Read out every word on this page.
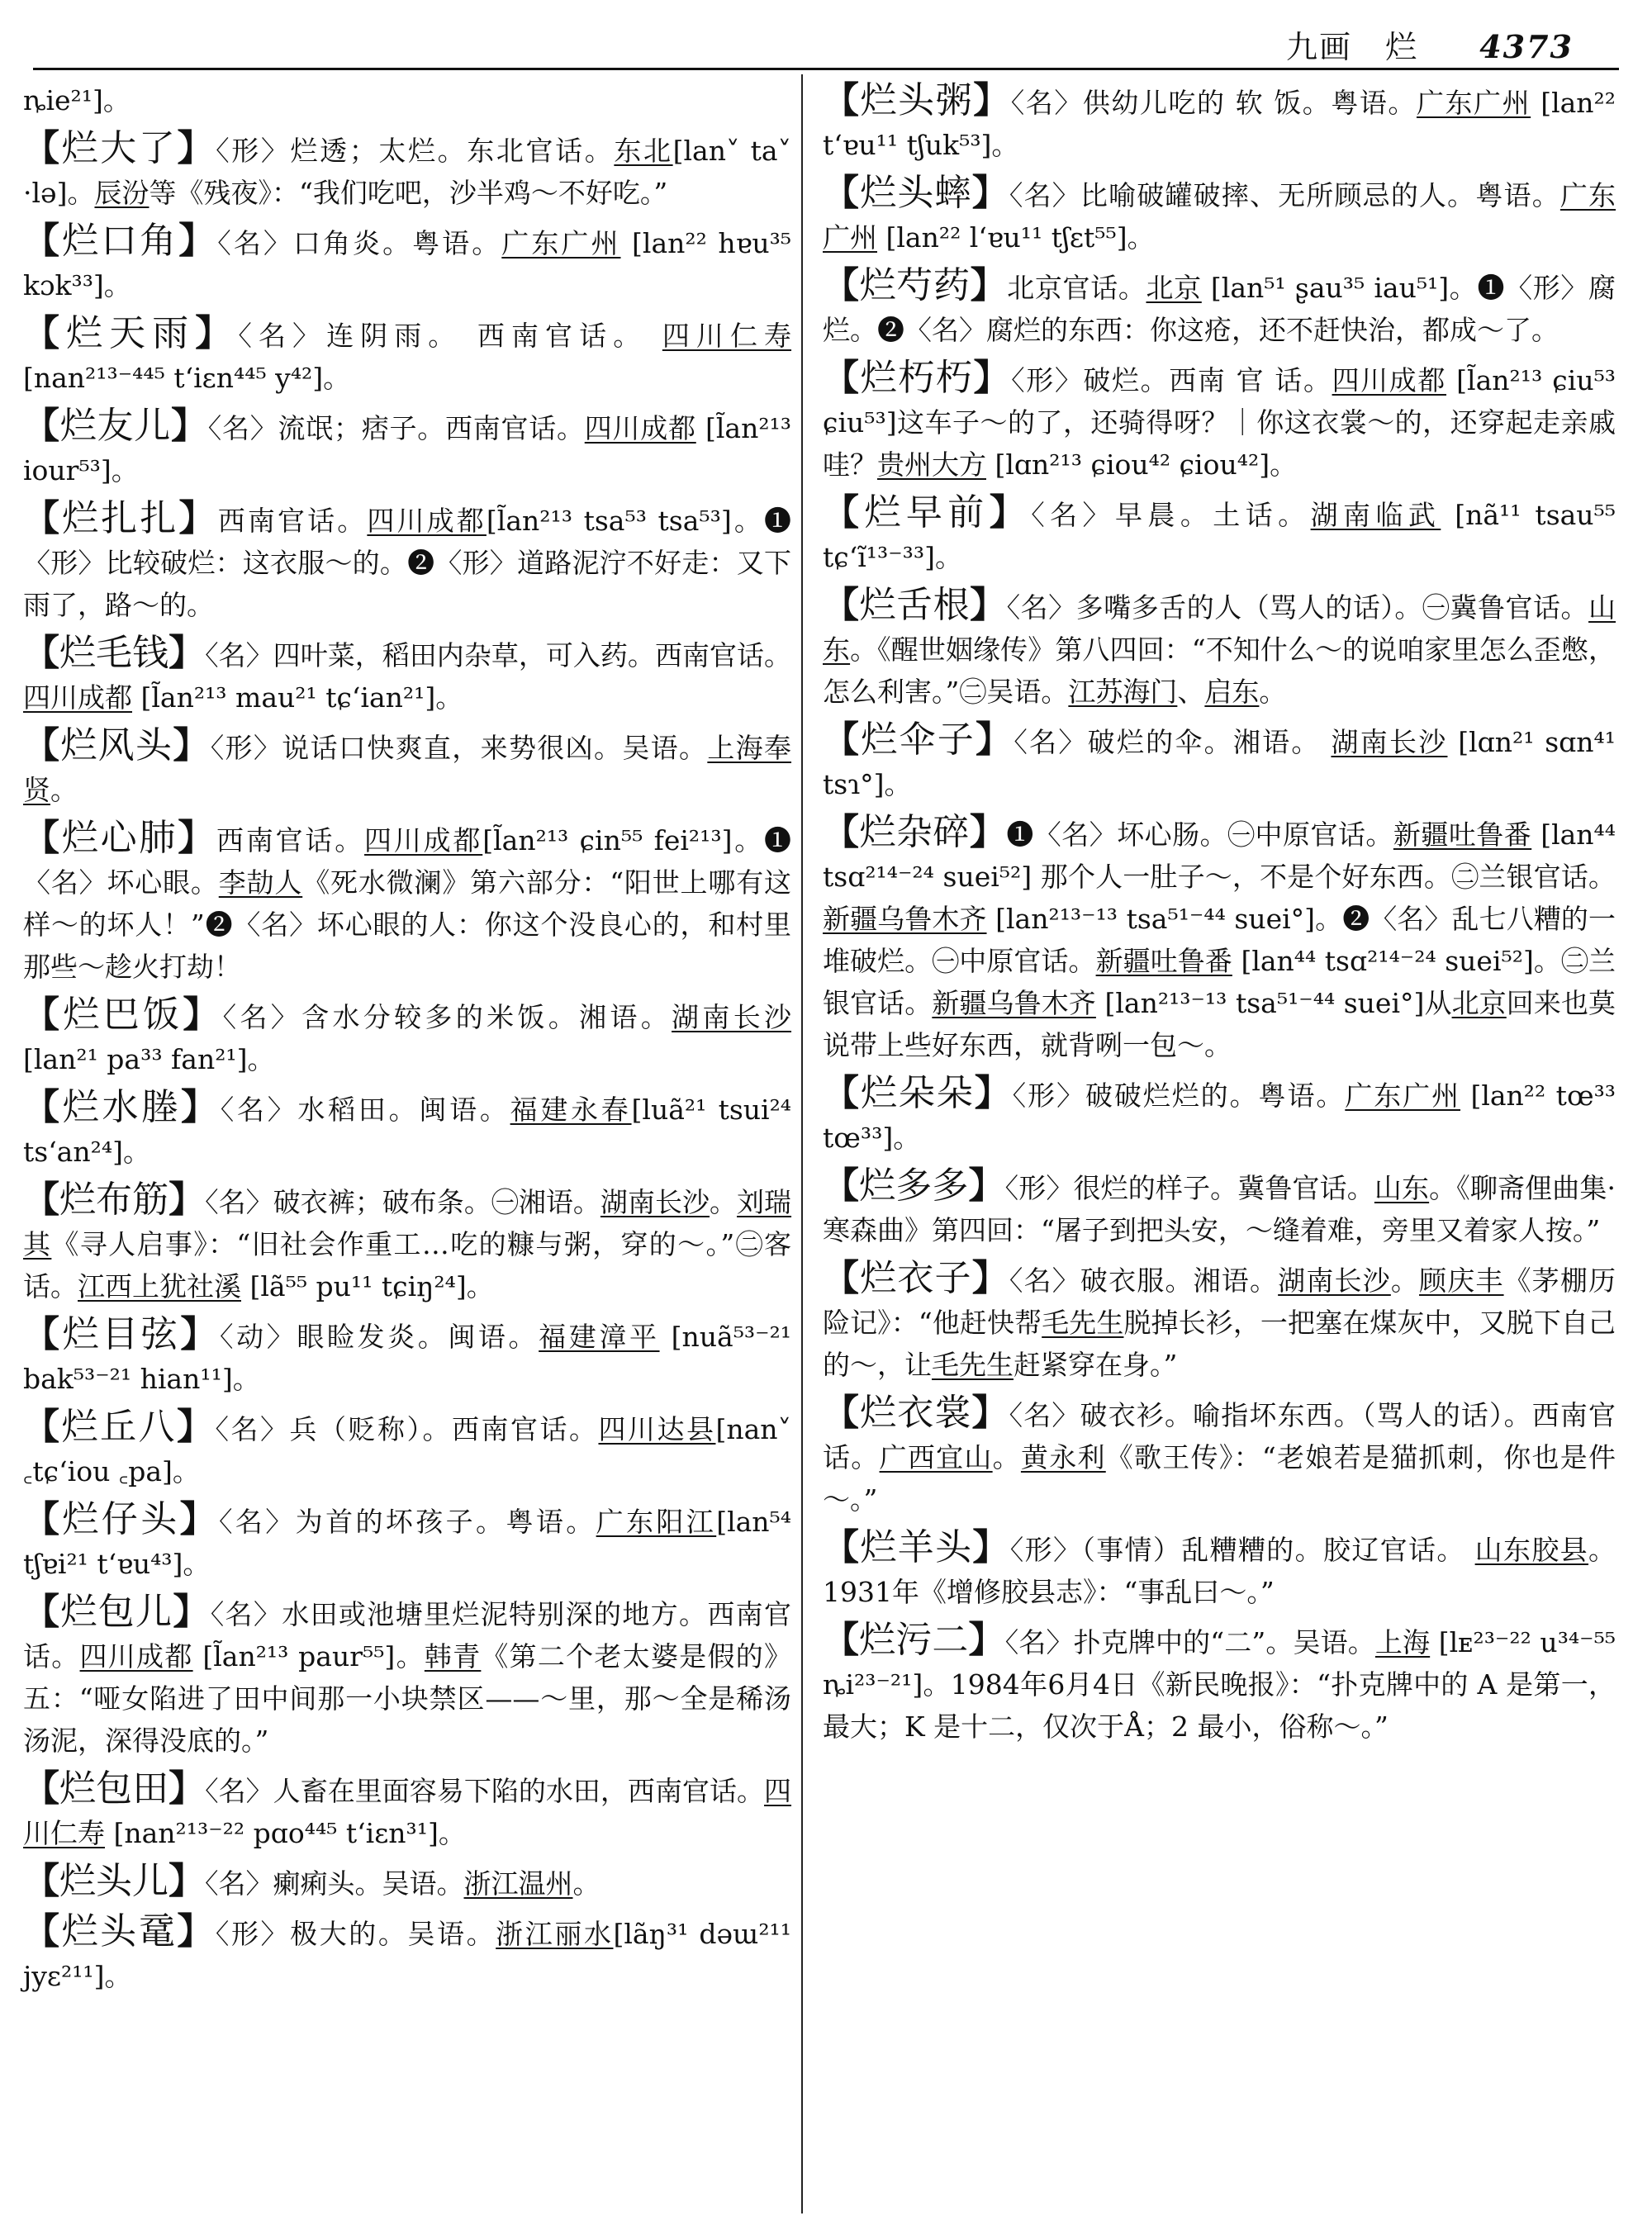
九画 烂 4373
ȵie²¹]。
【烂大了】〈形〉烂透；太烂。东北官话。东北[lan˅ ta˅ ·lə]。辰汾等《残夜》：“我们吃吧，沙半鸡～不好吃。”
【烂口角】〈名〉口角炎。粤语。广东广州 [lan²² hɐu³⁵ kɔk³³]。
【烂天雨】〈名〉连阴雨。 西南官话。 四川仁寿 [nan²¹³⁻⁴⁴⁵ tʻiɛn⁴⁴⁵ y⁴²]。
【烂友儿】〈名〉流氓；痞子。西南官话。四川成都 [l̃an²¹³ iour⁵³]。
【烂扎扎】西南官话。四川成都[l̃an²¹³ tsa⁵³ tsa⁵³]。❶〈形〉比较破烂：这衣服～的。❷〈形〉道路泥泞不好走：又下雨了，路～的。
【烂毛钱】〈名〉四叶菜，稻田内杂草，可入药。西南官话。四川成都 [l̃an²¹³ mau²¹ tɕʻian²¹]。
【烂风头】〈形〉说话口快爽直，来势很凶。吴语。上海奉贤。
【烂心肺】西南官话。四川成都[l̃an²¹³ ɕin⁵⁵ fei²¹³]。❶〈名〉坏心眼。李劼人《死水微澜》第六部分：“阳世上哪有这样～的坏人！”❷〈名〉坏心眼的人：你这个没良心的，和村里那些～趁火打劫！
【烂巴饭】〈名〉含水分较多的米饭。湘语。湖南长沙 [lan²¹ pa³³ fan²¹]。
【烂水塍】〈名〉水稻田。闽语。福建永春[luã²¹ tsui²⁴ tsʻan²⁴]。
【烂布筋】〈名〉破衣裤；破布条。㊀湘语。湖南长沙。刘瑞其《寻人启事》：“旧社会作重工…吃的糠与粥，穿的～。”㊁客话。江西上犹社溪 [lã⁵⁵ pu¹¹ tɕiŋ²⁴]。
【烂目弦】〈动〉眼睑发炎。闽语。福建漳平 [nuã⁵³⁻²¹ bak⁵³⁻²¹ hian¹¹]。
【烂丘八】〈名〉兵（贬称）。西南官话。四川达县[nan˅ ꜀tɕʻiou ꜀pa]。
【烂仔头】〈名〉为首的坏孩子。粤语。广东阳江[lan⁵⁴ tʃɐi²¹ tʻɐu⁴³]。
【烂包儿】〈名〉水田或池塘里烂泥特别深的地方。西南官话。四川成都 [l̃an²¹³ paur⁵⁵]。韩青《第二个老太婆是假的》五：“哑女陷进了田中间那一小块禁区——～里，那～全是稀汤汤泥，深得没底的。”
【烂包田】〈名〉人畜在里面容易下陷的水田，西南官话。四川仁寿 [nan²¹³⁻²² pɑo⁴⁴⁵ tʻiɛn³¹]。
【烂头儿】〈名〉瘌痢头。吴语。浙江温州。
【烂头鼋】〈形〉极大的。吴语。浙江丽水[lãŋ³¹ dəɯ²¹¹ jyɛ²¹¹]。
【烂头粥】〈名〉供幼儿吃的 软 饭。粤语。广东广州 [lan²² tʻɐu¹¹ tʃuk⁵³]。
【烂头蟀】〈名〉比喻破罐破摔、无所顾忌的人。粤语。广东广州 [lan²² lʻɐu¹¹ tʃɛt⁵⁵]。
【烂芍药】北京官话。北京 [lan⁵¹ ʂau³⁵ iau⁵¹]。❶〈形〉腐烂。❷〈名〉腐烂的东西：你这疮，还不赶快治，都成～了。
【烂朽朽】〈形〉破烂。西南 官 话。四川成都 [l̃an²¹³ ɕiu⁵³ ɕiu⁵³]这车子～的了，还骑得呀？｜你这衣裳～的，还穿起走亲戚哇？贵州大方 [lɑn²¹³ ɕiou⁴² ɕiou⁴²]。
【烂早前】〈名〉早晨。土话。湖南临武 [nã¹¹ tsau⁵⁵ tɕʻĩ¹³⁻³³]。
【烂舌根】〈名〉多嘴多舌的人（骂人的话）。㊀冀鲁官话。山东。《醒世姻缘传》第八四回：“不知什么～的说咱家里怎么歪憋，怎么利害。”㊁吴语。江苏海门、启东。
【烂伞子】〈名〉破烂的伞。湘语。 湖南长沙 [lɑn²¹ sɑn⁴¹ tsɿ°]。
【烂杂碎】❶〈名〉坏心肠。㊀中原官话。新疆吐鲁番 [lan⁴⁴ tsɑ²¹⁴⁻²⁴ suei⁵²] 那个人一肚子～，不是个好东西。㊁兰银官话。新疆乌鲁木齐 [lan²¹³⁻¹³ tsa⁵¹⁻⁴⁴ suei°]。❷〈名〉乱七八糟的一堆破烂。㊀中原官话。新疆吐鲁番 [lan⁴⁴ tsɑ²¹⁴⁻²⁴ suei⁵²]。㊁兰银官话。新疆乌鲁木齐 [lan²¹³⁻¹³ tsa⁵¹⁻⁴⁴ suei°]从北京回来也莫说带上些好东西，就背咧一包～。
【烂朵朵】〈形〉破破烂烂的。粤语。广东广州 [lan²² tœ³³ tœ³³]。
【烂多多】〈形〉很烂的样子。冀鲁官话。山东。《聊斋俚曲集·寒森曲》第四回：“屠子到把头安，～缝着难，旁里又着家人按。”
【烂衣子】〈名〉破衣服。湘语。湖南长沙。顾庆丰《茅棚历险记》：“他赶快帮毛先生脱掉长衫，一把塞在煤灰中，又脱下自己的～，让毛先生赶紧穿在身。”
【烂衣裳】〈名〉破衣衫。喻指坏东西。（骂人的话）。西南官话。广西宜山。黄永利《歌王传》：“老娘若是猫抓刺，你也是件～。”
【烂羊头】〈形〉（事情）乱糟糟的。胶辽官话。 山东胶县。1931年《增修胶县志》：“事乱曰～。”
【烂污二】〈名〉扑克牌中的“二”。吴语。上海 [lᴇ²³⁻²² u³⁴⁻⁵⁵ ȵi²³⁻²¹]。1984年6月4日《新民晚报》：“扑克牌中的 A 是第一，最大；K 是十二，仅次于Å；2 最小，俗称～。”
